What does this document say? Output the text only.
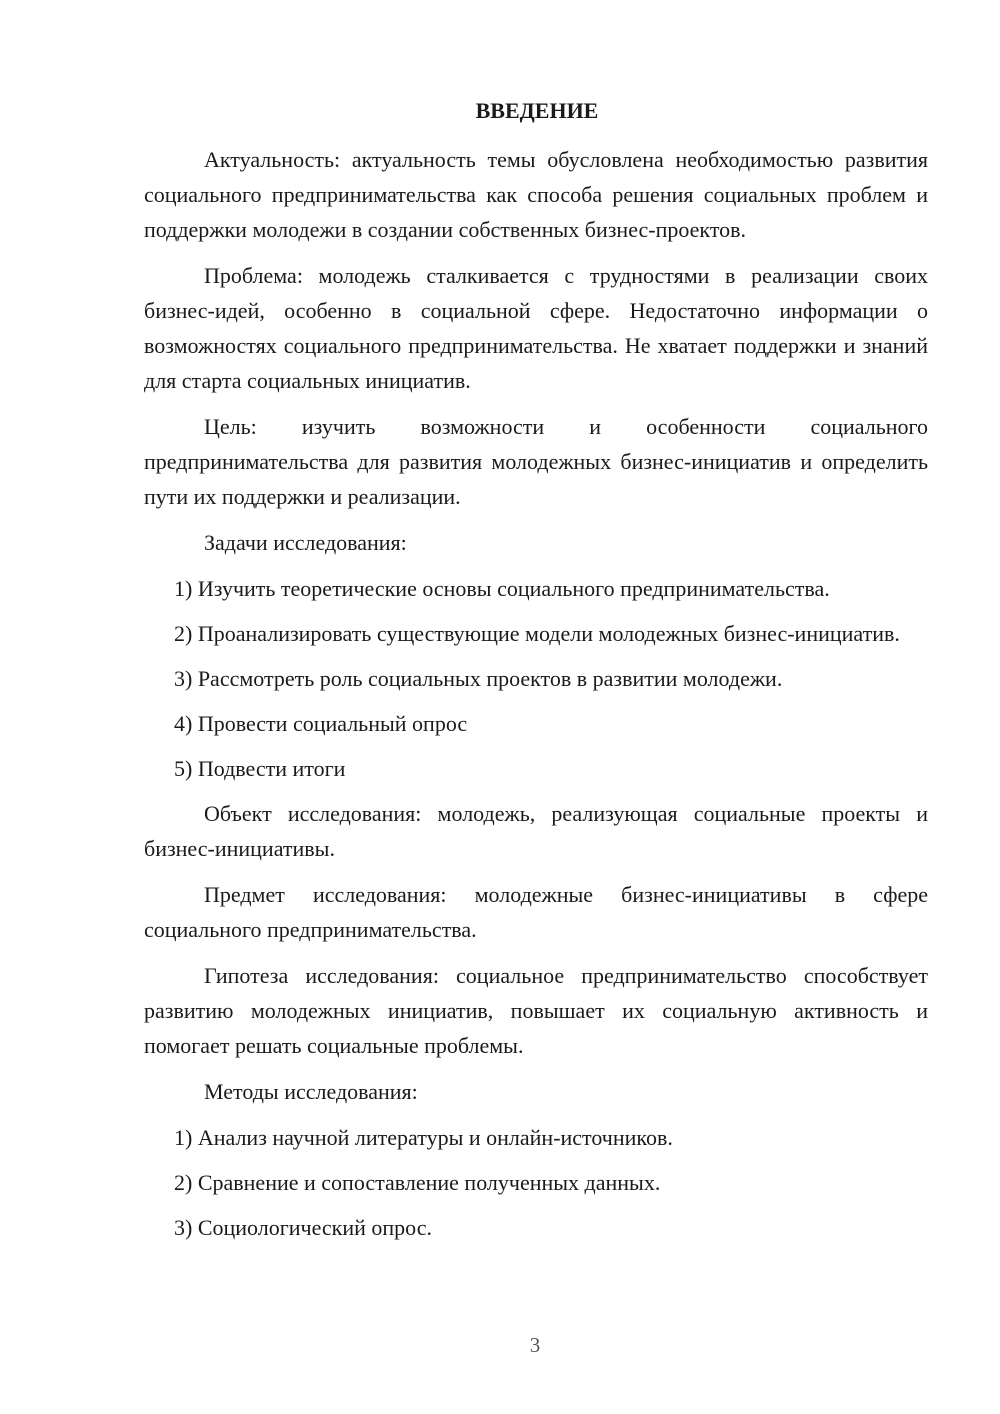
ВВЕДЕНИЕ

Актуальность: актуальность темы обусловлена необходимостью развития социального предпринимательства как способа решения социальных проблем и поддержки молодежи в создании собственных бизнес-проектов.

Проблема: молодежь сталкивается с трудностями в реализации своих бизнес-идей, особенно в социальной сфере. Недостаточно информации о возможностях социального предпринимательства. Не хватает поддержки и знаний для старта социальных инициатив.

Цель: изучить возможности и особенности социального предпринимательства для развития молодежных бизнес-инициатив и определить пути их поддержки и реализации.

Задачи исследования:

1) Изучить теоретические основы социального предпринимательства.

2) Проанализировать существующие модели молодежных бизнес-инициатив.

3) Рассмотреть роль социальных проектов в развитии молодежи.

4) Провести социальный опрос

5) Подвести итоги

Объект исследования: молодежь, реализующая социальные проекты и бизнес-инициативы.

Предмет исследования: молодежные бизнес-инициативы в сфере социального предпринимательства.

Гипотеза исследования: социальное предпринимательство способствует развитию молодежных инициатив, повышает их социальную активность и помогает решать социальные проблемы.

Методы исследования:

1) Анализ научной литературы и онлайн-источников.

2) Сравнение и сопоставление полученных данных.

3) Социологический опрос.

3
